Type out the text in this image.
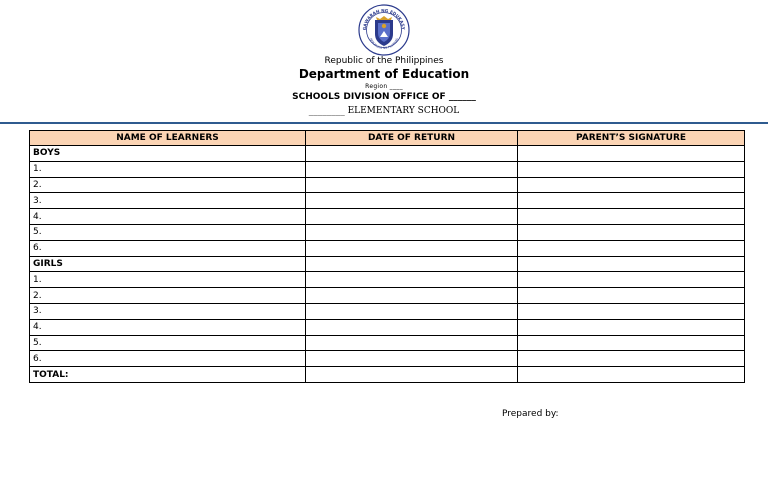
GAWARAN NG EDUKASY
REPUBLIKA NG PILIPINAS
Republic of the Philippines
Department of Education
Region ____
SCHOOLS DIVISION OFFICE OF ______
________ ELEMENTARY SCHOOL
NAME OF LEARNERS	DATE OF RETURN	PARENT’S SIGNATURE
BOYS		
1.		
2.		
3.		
4.		
5.		
6.		
GIRLS		
1.		
2.		
3.		
4.		
5.		
6.		
TOTAL:		
Prepared by:
